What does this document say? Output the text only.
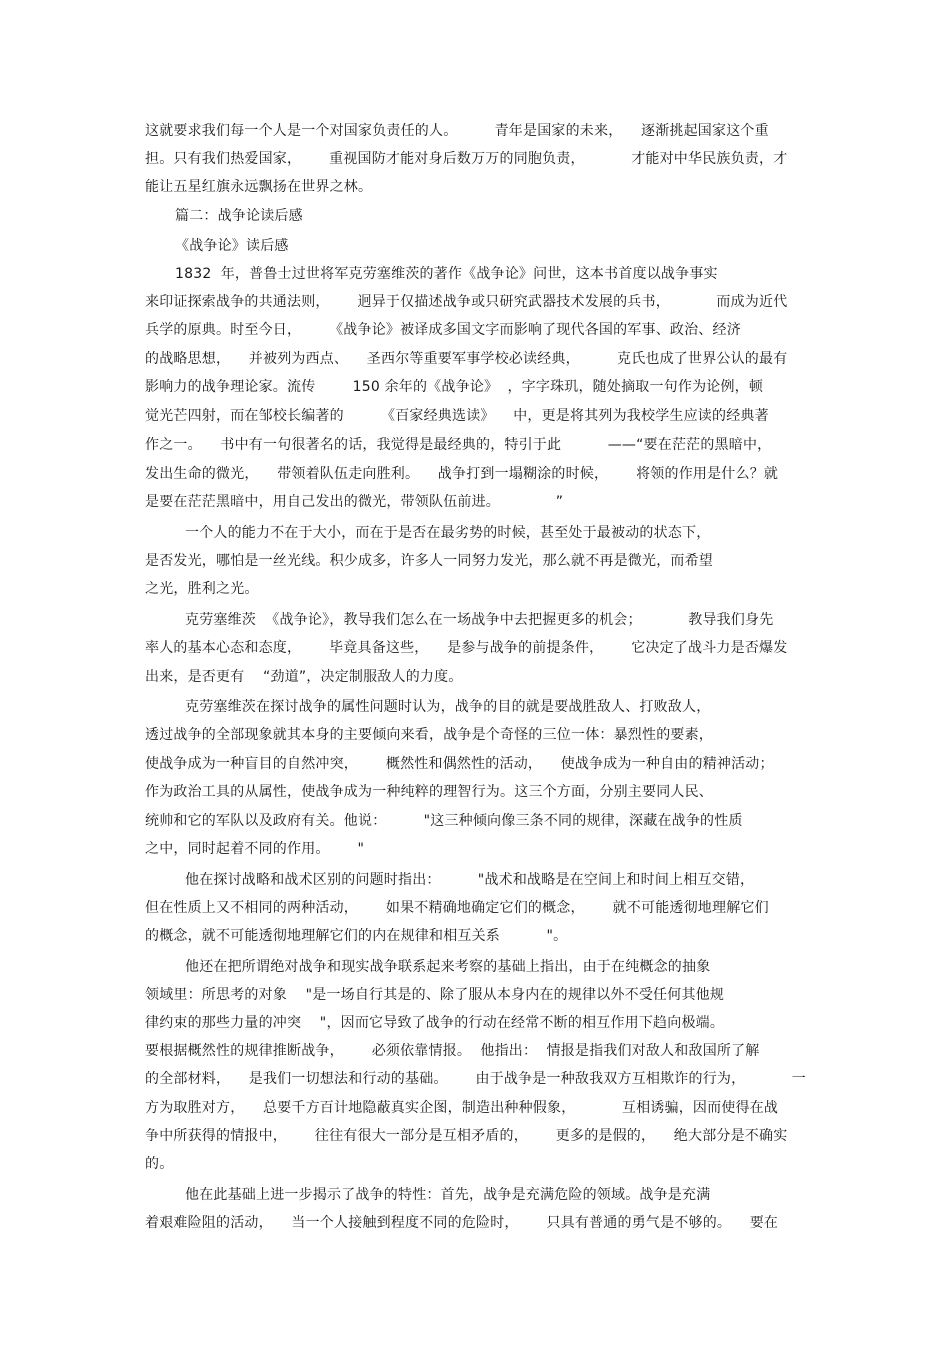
这就要求我们每一个人是一个对国家负责任的人。        青年是国家的未来，    逐渐挑起国家这个重
担。只有我们热爱国家，      重视国防才能对身后数万万的同胞负责，          才能对中华民族负责，才
能让五星红旗永远飘扬在世界之林。
篇二：战争论读后感
《战争论》读后感
1832  年，普鲁士过世将军克劳塞维茨的著作《战争论》问世，这本书首度以战争事实
来印证探索战争的共通法则，      迥异于仅描述战争或只研究武器技术发展的兵书，          而成为近代
兵学的原典。时至今日，      《战争论》被译成多国文字而影响了现代各国的军事、政治、经济
的战略思想，    并被列为西点、    圣西尔等重要军事学校必读经典，        克氏也成了世界公认的最有
影响力的战争理论家。流传        150 余年的《战争论》  ，字字珠玑，随处摘取一句作为论例，顿
觉光芒四射，而在邹校长编著的        《百家经典选读》    中，更是将其列为我校学生应读的经典著
作之一。    书中有一句很著名的话，我觉得是最经典的，特引于此          ——“要在茫茫的黑暗中，
发出生命的微光，    带领着队伍走向胜利。    战争打到一塌糊涂的时候，      将领的作用是什么？就
是要在茫茫黑暗中，用自己发出的微光，带领队伍前进。            ”
一个人的能力不在于大小，而在于是否在最劣势的时候，甚至处于最被动的状态下，
是否发光，哪怕是一丝光线。积少成多，许多人一同努力发光，那么就不再是微光，而希望
之光，胜利之光。
克劳塞维茨  《战争论》，教导我们怎么在一场战争中去把握更多的机会；          教导我们身先
率人的基本心态和态度，      毕竟具备这些，    是参与战争的前提条件，      它决定了战斗力是否爆发
出来，是否更有    “劲道”，决定制服敌人的力度。
克劳塞维茨在探讨战争的属性问题时认为，战争的目的就是要战胜敌人、打败敌人，
透过战争的全部现象就其本身的主要倾向来看，战争是个奇怪的三位一体：暴烈性的要素，
使战争成为一种盲目的自然冲突，      概然性和偶然性的活动，    使战争成为一种自由的精神活动；
作为政治工具的从属性，使战争成为一种纯粹的理智行为。这三个方面，分别主要同人民、
统帅和它的军队以及政府有关。他说：        "这三种倾向像三条不同的规律，深藏在战争的性质
之中，同时起着不同的作用。      "
他在探讨战略和战术区别的问题时指出：        "战术和战略是在空间上和时间上相互交错，
但在性质上又不相同的两种活动，      如果不精确地确定它们的概念，      就不可能透彻地理解它们
的概念，就不可能透彻地理解它们的内在规律和相互关系          "。
他还在把所谓绝对战争和现实战争联系起来考察的基础上指出，由于在纯概念的抽象
领域里：所思考的对象    "是一场自行其是的、除了服从本身内在的规律以外不受任何其他规
律约束的那些力量的冲突    "，因而它导致了战争的行动在经常不断的相互作用下趋向极端。
要根据概然性的规律推断战争，      必须依靠情报。  他指出：  情报是指我们对敌人和敌国所了解
的全部材料，    是我们一切想法和行动的基础。      由于战争是一种敌我双方互相欺诈的行为，          一
方为取胜对方，    总要千方百计地隐蔽真实企图，制造出种种假象，          互相诱骗，因而使得在战
争中所获得的情报中，      往往有很大一部分是互相矛盾的，      更多的是假的，    绝大部分是不确实
的。
他在此基础上进一步揭示了战争的特性：首先，战争是充满危险的领域。战争是充满
着艰难险阻的活动，    当一个人接触到程度不同的危险时，      只具有普通的勇气是不够的。    要在
